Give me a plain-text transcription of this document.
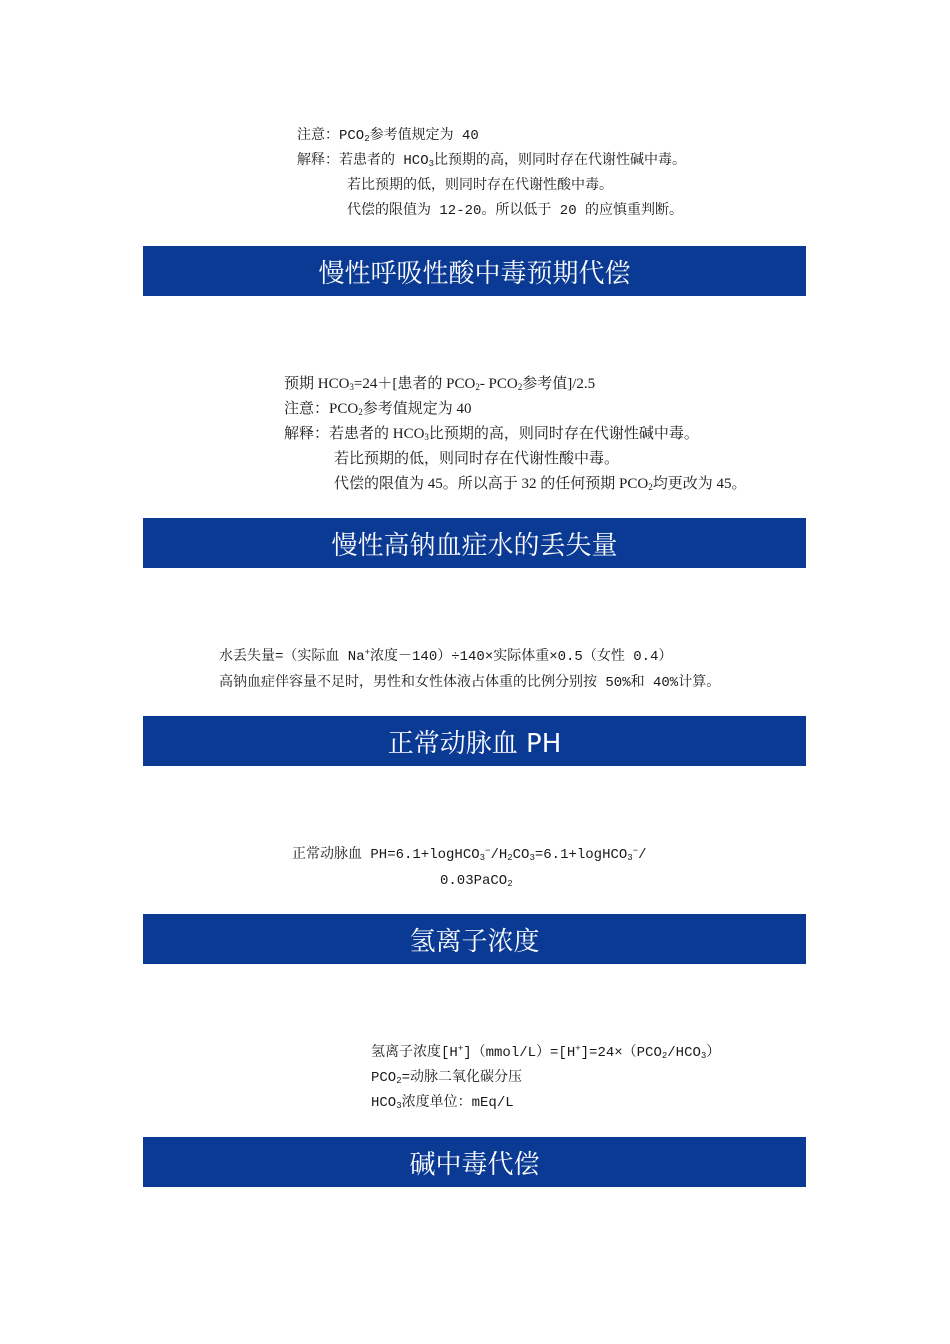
注意：$PCO_2$参考值规定为 40
解释：若患者的 $HCO_3$比预期的高，则同时存在代谢性碱中毒。
若比预期的低，则同时存在代谢性酸中毒。
代偿的限值为 12-20。所以低于 20 的应慎重判断。
慢性呼吸性酸中毒预期代偿
预期 $HCO_3=24+$[患者的 $PCO_2-$ $PCO_2$参考值]/2.5
注意：$PCO_2$参考值规定为 40
解释：若患者的 $HCO_3$比预期的高，则同时存在代谢性碱中毒。
若比预期的低，则同时存在代谢性酸中毒。
代偿的限值为 45。所以高于 32 的任何预期 $PCO_2$均更改为 45。
慢性高钠血症水的丢失量
水丢失量=（实际血 Na+浓度－140）÷140×实际体重×0.5（女性 0.4）
高钠血症伴容量不足时，男性和女性体液占体重的比例分别按 50%和 40%计算。
正常动脉血 PH
正常动脉血 $PH=6.1+logHCO_3^-/H_2CO_3=6.1+logHCO_3^-/$
0.03PaCO$_2$
氢离子浓度
氢离子浓度$[H^+](mmol/L)=[H^+]=24\times(PCO_2/HCO_3)$
$PCO_2=$动脉二氧化碳分压
$HCO_3$浓度单位：mEq/L
碱中毒代偿
